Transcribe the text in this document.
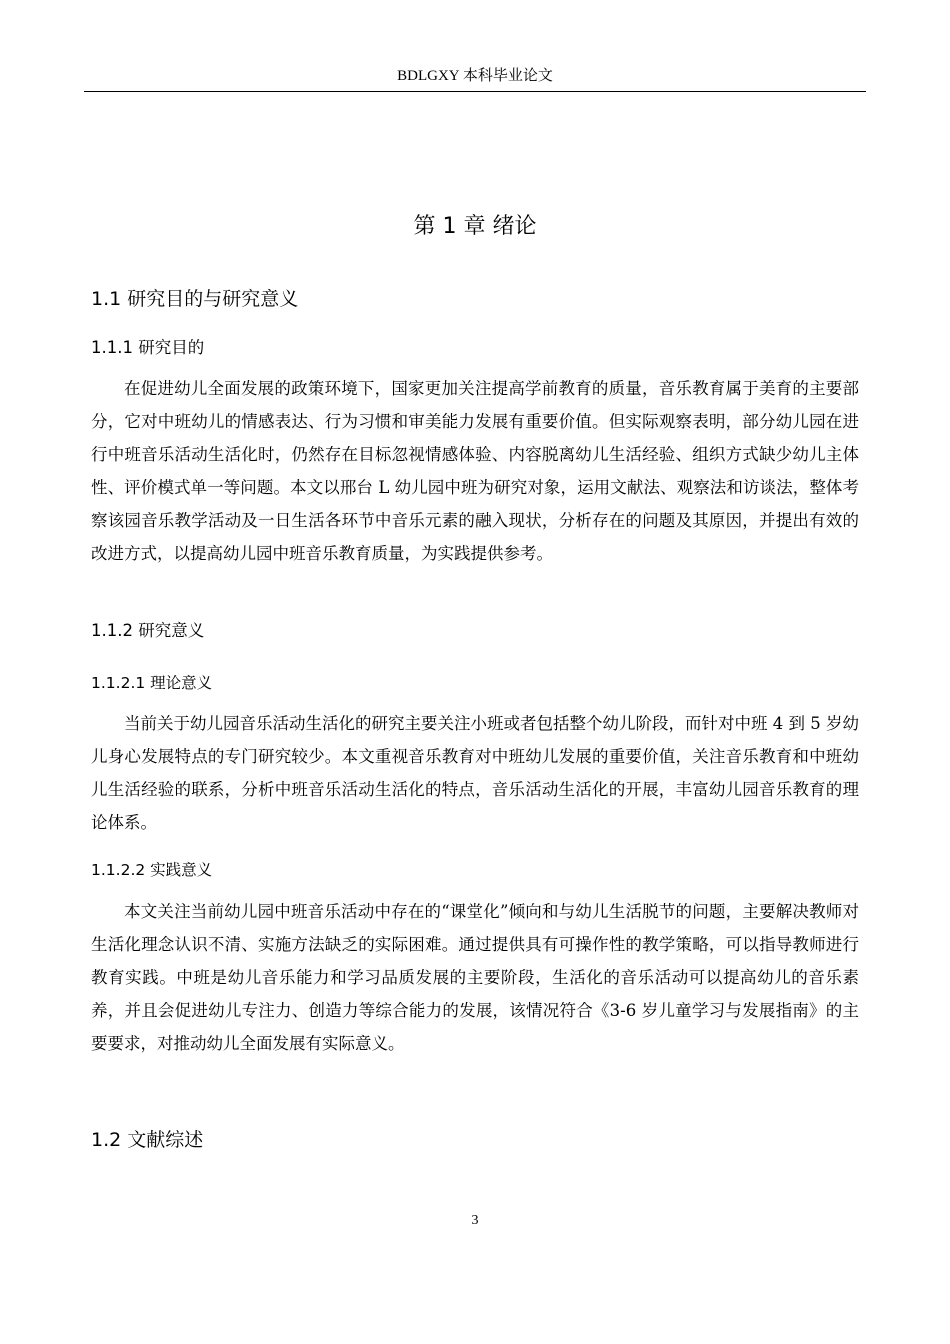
BDLGXY 本科毕业论文
第 1 章 绪论
1.1 研究目的与研究意义
1.1.1 研究目的

在促进幼儿全面发展的政策环境下，国家更加关注提高学前教育的质量，音乐教育属于美育的主要部分，它对中班幼儿的情感表达、行为习惯和审美能力发展有重要价值。但实际观察表明，部分幼儿园在进行中班音乐活动生活化时，仍然存在目标忽视情感体验、内容脱离幼儿生活经验、组织方式缺少幼儿主体性、评价模式单一等问题。本文以邢台 L 幼儿园中班为研究对象，运用文献法、观察法和访谈法，整体考察该园音乐教学活动及一日生活各环节中音乐元素的融入现状，分析存在的问题及其原因，并提出有效的改进方式，以提高幼儿园中班音乐教育质量，为实践提供参考。

1.1.2 研究意义
1.1.2.1 理论意义

当前关于幼儿园音乐活动生活化的研究主要关注小班或者包括整个幼儿阶段，而针对中班 4 到 5 岁幼儿身心发展特点的专门研究较少。本文重视音乐教育对中班幼儿发展的重要价值，关注音乐教育和中班幼儿生活经验的联系，分析中班音乐活动生活化的特点，音乐活动生活化的开展，丰富幼儿园音乐教育的理论体系。

1.1.2.2 实践意义

本文关注当前幼儿园中班音乐活动中存在的“课堂化”倾向和与幼儿生活脱节的问题，主要解决教师对生活化理念认识不清、实施方法缺乏的实际困难。通过提供具有可操作性的教学策略，可以指导教师进行教育实践。中班是幼儿音乐能力和学习品质发展的主要阶段，生活化的音乐活动可以提高幼儿的音乐素养，并且会促进幼儿专注力、创造力等综合能力的发展，该情况符合《3-6 岁儿童学习与发展指南》的主要要求，对推动幼儿全面发展有实际意义。

1.2 文献综述
3
